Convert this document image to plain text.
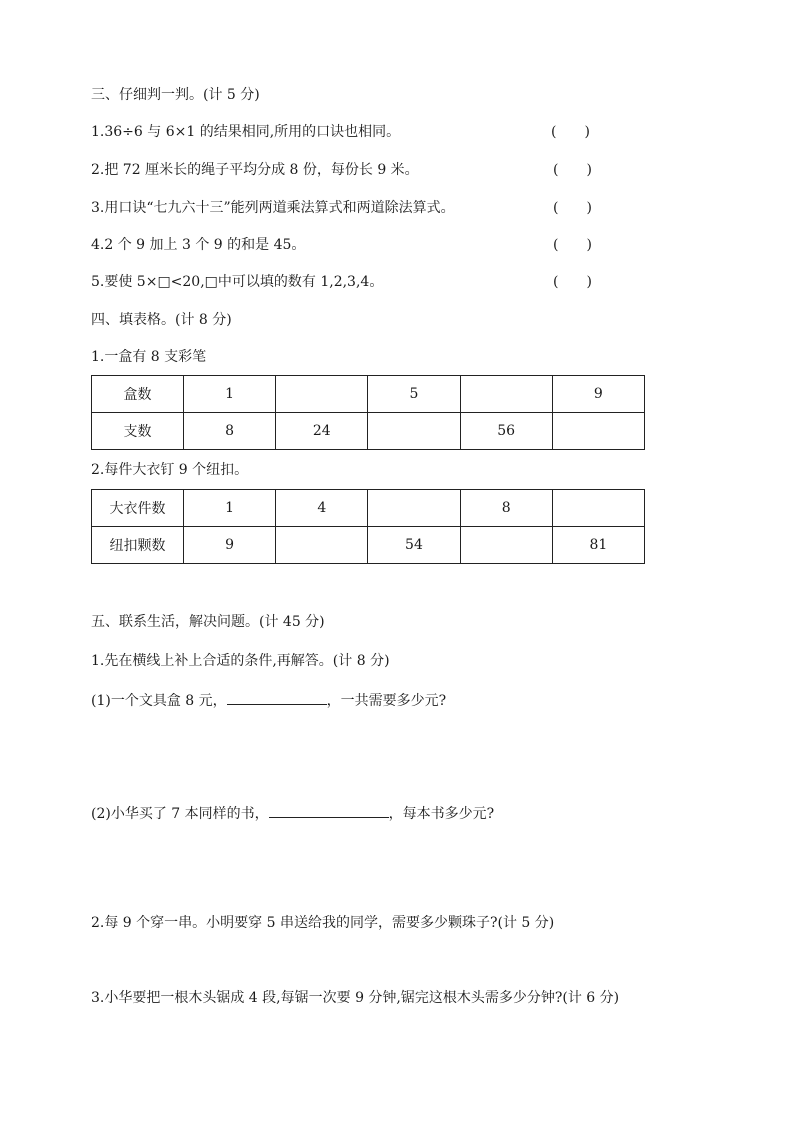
三、仔细判一判。(计 5 分)
1.36÷6 与 6×1 的结果相同,所用的口诀也相同。	(　　)
2.把 72 厘米长的绳子平均分成 8 份，每份长 9 米。	(　　)
3.用口诀“七九六十三”能列两道乘法算式和两道除法算式。	(　　)
4.2 个 9 加上 3 个 9 的和是 45。	(　　)
5.要使 5×□<20,□中可以填的数有 1,2,3,4。	(　　)
四、填表格。(计 8 分)
1.一盒有 8 支彩笔
盒数	1		5		9
支数	8	24		56	
2.每件大衣钉 9 个纽扣。
大衣件数	1	4		8	
纽扣颗数	9		54		81
五、联系生活，解决问题。(计 45 分)
1.先在横线上补上合适的条件,再解答。(计 8 分)
(1)一个文具盒 8 元，	，一共需要多少元?
(2)小华买了 7 本同样的书，	，每本书多少元?
2.每 9 个穿一串。小明要穿 5 串送给我的同学，需要多少颗珠子?(计 5 分)
3.小华要把一根木头锯成 4 段,每锯一次要 9 分钟,锯完这根木头需多少分钟?(计 6 分)
